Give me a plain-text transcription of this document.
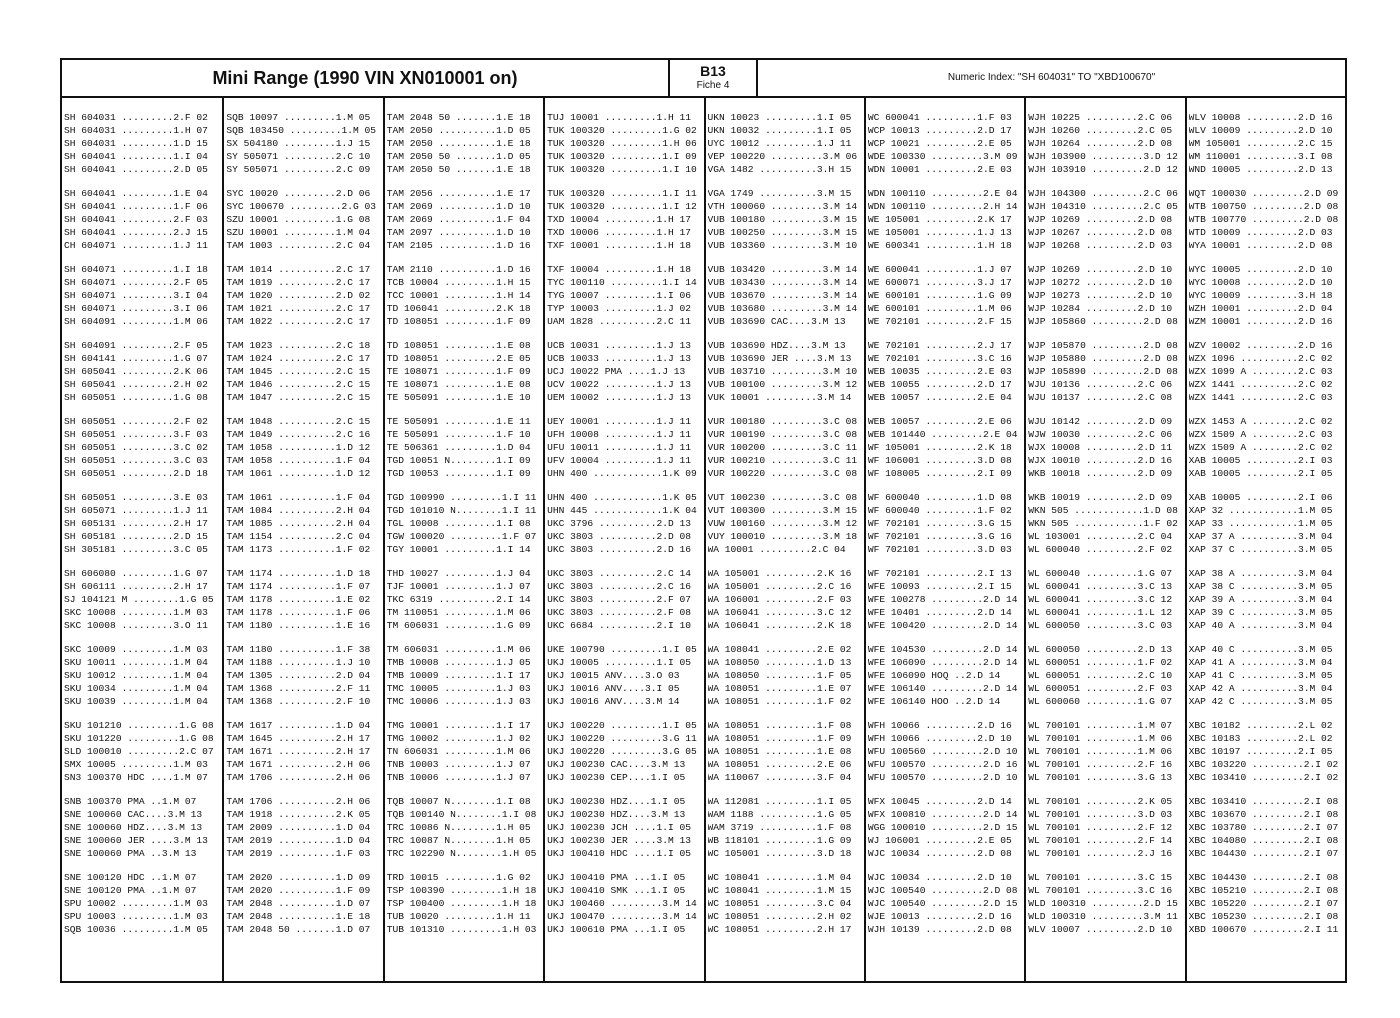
Mini Range (1990 VIN XN010001 on)	B13
Fiche 4
Numeric Index: "SH 604031" TO "XBD100670"
SH 604031 .........2.F 02
SH 604031 .........1.H 07
SH 604031 .........1.D 15
SH 604041 .........1.I 04
SH 604041 .........2.D 05
SH 604041 .........1.E 04
SH 604041 .........1.F 06
SH 604041 .........2.F 03
SH 604041 .........2.J 15
CH 604071 .........1.J 11
SH 604071 .........1.I 18
SH 604071 .........2.F 05
SH 604071 .........3.I 04
SH 604071 .........3.I 06
SH 604091 .........1.M 06
SH 604091 .........2.F 05
SH 604141 .........1.G 07
SH 605041 .........2.K 06
SH 605041 .........2.H 02
SH 605051 .........1.G 08
SH 605051 .........2.F 02
SH 605051 .........3.F 03
SH 605051 .........3.C 02
SH 605051 .........3.C 03
SH 605051 .........2.D 18
SH 605051 .........3.E 03
SH 605071 .........1.J 11
SH 605131 .........2.H 17
SH 605181 .........2.D 15
SH 305181 .........3.C 05
SH 606080 .........1.G 07
SH 606111 .........2.H 17
SJ 104121 M ........1.G 05
SKC 10008 .........1.M 03
SKC 10008 .........3.O 11
SKC 10009 .........1.M 03
SKU 10011 .........1.M 04
SKU 10012 .........1.M 04
SKU 10034 .........1.M 04
SKU 10039 .........1.M 04
SKU 101210 .........1.G 08
SKU 101220 .........1.G 08
SLD 100010 .........2.C 07
SMX 10005 .........1.M 03
SN3 100370 HDC ....1.M 07
SNB 100370 PMA ..1.M 07
SNE 100060 CAC....3.M 13
SNE 100060 HDZ....3.M 13
SNE 100060 JER ....3.M 13
SNE 100060 PMA ..3.M 13
SNE 100120 HDC ..1.M 07
SNE 100120 PMA ..1.M 07
SPU 10002 .........1.M 03
SPU 10003 .........1.M 03
SQB 10036 .........1.M 05
SQB 10097 .........1.M 05
SQB 103450 .........1.M 05
SX 504180 .........1.J 15
SY 505071 .........2.C 10
SY 505071 .........2.C 09
SYC 10020 .........2.D 06
SYC 100670 .........2.G 03
SZU 10001 .........1.G 08
SZU 10001 .........1.M 04
TAM 1003 ..........2.C 04
TAM 1014 ..........2.C 17
TAM 1019 ..........2.C 17
TAM 1020 ..........2.D 02
TAM 1021 ..........2.C 17
TAM 1022 ..........2.C 17
TAM 1023 ..........2.C 18
TAM 1024 ..........2.C 17
TAM 1045 ..........2.C 15
TAM 1046 ..........2.C 15
TAM 1047 ..........2.C 15
TAM 1048 ..........2.C 15
TAM 1049 ..........2.C 16
TAM 1058 ..........1.D 12
TAM 1058 ..........1.F 04
TAM 1061 ..........1.D 12
TAM 1061 ..........1.F 04
TAM 1084 ..........2.H 04
TAM 1085 ..........2.H 04
TAM 1154 ..........2.C 04
TAM 1173 ..........1.F 02
TAM 1174 ..........1.D 18
TAM 1174 ..........1.F 07
TAM 1178 ..........1.E 02
TAM 1178 ..........1.F 06
TAM 1180 ..........1.E 16
TAM 1180 ..........1.F 38
TAM 1188 ..........1.J 10
TAM 1305 ..........2.D 04
TAM 1368 ..........2.F 11
TAM 1368 ..........2.F 10
TAM 1617 ..........1.D 04
TAM 1645 ..........2.H 17
TAM 1671 ..........2.H 17
TAM 1671 ..........2.H 06
TAM 1706 ..........2.H 06
TAM 1706 ..........2.H 06
TAM 1918 ..........2.K 05
TAM 2009 ..........1.D 04
TAM 2019 ..........1.D 04
TAM 2019 ..........1.F 03
TAM 2020 ..........1.D 09
TAM 2020 ..........1.F 09
TAM 2048 ..........1.D 07
TAM 2048 ..........1.E 18
TAM 2048 50 .......1.D 07
TAM 2048 50 .......1.E 18
TAM 2050 ..........1.D 05
TAM 2050 ..........1.E 18
TAM 2050 50 .......1.D 05
TAM 2050 50 .......1.E 18
TAM 2056 ..........1.E 17
TAM 2069 ..........1.D 10
TAM 2069 ..........1.F 04
TAM 2097 ..........1.D 10
TAM 2105 ..........1.D 16
TAM 2110 ..........1.D 16
TCB 10004 .........1.H 15
TCC 10001 .........1.H 14
TD 106041 .........2.K 18
TD 108051 .........1.F 09
TD 108051 .........1.E 08
TD 108051 .........2.E 05
TE 108071 .........1.F 09
TE 108071 .........1.E 08
TE 505091 .........1.E 10
TE 505091 .........1.E 11
TE 505091 .........1.F 10
TE 506361 .........1.D 04
TGD 10051 N........1.I 09
TGD 10053 .........1.I 09
TGD 100990 .........1.I 11
TGD 101010 N........1.I 11
TGL 10008 .........1.I 08
TGW 100020 .........1.F 07
TGY 10001 .........1.I 14
THD 10027 .........1.J 04
TJF 10001 .........1.J 07
TKC 6319 ..........2.I 14
TM 110051 .........1.M 06
TM 606031 .........1.G 09
TM 606031 .........1.M 06
TMB 10008 .........1.J 05
TMB 10009 .........1.I 17
TMC 10005 .........1.J 03
TMC 10006 .........1.J 03
TMG 10001 .........1.I 17
TMG 10002 .........1.J 02
TN 606031 .........1.M 06
TNB 10003 .........1.J 07
TNB 10006 .........1.J 07
TQB 10007 N........1.I 08
TQB 100140 N........1.I 08
TRC 10086 N........1.H 05
TRC 10087 N........1.H 05
TRC 102290 N........1.H 05
TRD 10015 .........1.G 02
TSP 100390 .........1.H 18
TSP 100400 .........1.H 18
TUB 10020 .........1.H 11
TUB 101310 .........1.H 03
TUJ 10001 .........1.H 11
TUK 100320 .........1.G 02
TUK 100320 .........1.H 06
TUK 100320 .........1.I 09
TUK 100320 .........1.I 10
TUK 100320 .........1.I 11
TUK 100320 .........1.I 12
TXD 10004 .........1.H 17
TXD 10006 .........1.H 17
TXF 10001 .........1.H 18
TXF 10004 .........1.H 18
TYC 100110 .........1.I 14
TYG 10007 .........1.I 06
TYP 10003 .........1.J 02
UAM 1828 ..........2.C 11
UCB 10031 .........1.J 13
UCB 10033 .........1.J 13
UCJ 10022 PMA ....1.J 13
UCV 10022 .........1.J 13
UEM 10002 .........1.J 13
UEY 10001 .........1.J 11
UFH 10008 .........1.J 11
UFU 10011 .........1.J 11
UFV 10004 .........1.J 11
UHN 400 ............1.K 09
UHN 400 ............1.K 05
UHN 445 ............1.K 04
UKC 3796 ..........2.D 13
UKC 3803 ..........2.D 08
UKC 3803 ..........2.D 16
UKC 3803 ..........2.C 14
UKC 3803 ..........2.C 16
UKC 3803 ..........2.F 07
UKC 3803 ..........2.F 08
UKC 6684 ..........2.I 10
UKE 100790 .........1.I 05
UKJ 10005 .........1.I 05
UKJ 10015 ANV....3.O 03
UKJ 10016 ANV....3.I 05
UKJ 10016 ANV....3.M 14
UKJ 100220 .........1.I 05
UKJ 100220 .........3.G 11
UKJ 100220 .........3.G 05
UKJ 100230 CAC....3.M 13
UKJ 100230 CEP....1.I 05
UKJ 100230 HDZ....1.I 05
UKJ 100230 HDZ....3.M 13
UKJ 100230 JCH ....1.I 05
UKJ 100230 JER ....3.M 13
UKJ 100410 HDC ....1.I 05
UKJ 100410 PMA ...1.I 05
UKJ 100410 SMK ...1.I 05
UKJ 100460 .........3.M 14
UKJ 100470 .........3.M 14
UKJ 100610 PMA ...1.I 05
UKN 10023 .........1.I 05
UKN 10032 .........1.I 05
UYC 10012 .........1.J 11
VEP 100220 .........3.M 06
VGA 1482 ..........3.H 15
VGA 1749 ..........3.M 15
VTH 100060 .........3.M 14
VUB 100180 .........3.M 15
VUB 100250 .........3.M 15
VUB 103360 .........3.M 10
VUB 103420 .........3.M 14
VUB 103430 .........3.M 14
VUB 103670 .........3.M 14
VUB 103680 .........3.M 14
VUB 103690 CAC....3.M 13
VUB 103690 HDZ....3.M 13
VUB 103690 JER ....3.M 13
VUB 103710 .........3.M 10
VUB 100100 .........3.M 12
VUK 10001 .........3.M 14
VUR 100180 .........3.C 08
VUR 100190 .........3.C 08
VUR 100200 .........3.C 11
VUR 100210 .........3.C 11
VUR 100220 .........3.C 08
VUT 100230 .........3.C 08
VUT 100300 .........3.M 15
VUW 100160 .........3.M 12
VUY 100010 .........3.M 18
WA 10001 .........2.C 04
WA 105001 .........2.K 16
WA 105001 .........2.C 16
WA 106001 .........2.F 03
WA 106041 .........3.C 12
WA 106041 .........2.K 18
WA 108041 .........2.E 02
WA 108050 .........1.D 13
WA 108050 .........1.F 05
WA 108051 .........1.E 07
WA 108051 .........1.F 02
WA 108051 .........1.F 08
WA 108051 .........1.F 09
WA 108051 .........1.E 08
WA 108051 .........2.E 06
WA 110067 .........3.F 04
WA 112081 .........1.I 05
WAM 1188 ..........1.G 05
WAM 3719 ..........1.F 08
WB 118101 .........1.G 09
WC 105001 .........3.D 18
WC 108041 .........1.M 04
WC 108041 .........1.M 15
WC 108051 .........3.C 04
WC 108051 .........2.H 02
WC 108051 .........2.H 17
WC 600041 .........1.F 03
WCP 10013 .........2.D 17
WCP 10021 .........2.E 05
WDE 100330 .........3.M 09
WDN 10001 .........2.E 03
WDN 100110 .........2.E 04
WDN 100110 .........2.H 14
WE 105001 .........2.K 17
WE 105001 .........1.J 13
WE 600341 .........1.H 18
WE 600041 .........1.J 07
WE 600071 .........3.J 17
WE 600101 .........1.G 09
WE 600101 .........1.M 06
WE 702101 .........2.F 15
WE 702101 .........2.J 17
WE 702101 .........3.C 16
WEB 10035 .........2.E 03
WEB 10055 .........2.D 17
WEB 10057 .........2.E 04
WEB 10057 .........2.E 06
WEB 101440 .........2.E 04
WF 105001 .........2.K 18
WF 106001 .........3.D 08
WF 108005 .........2.I 09
WF 600040 .........1.D 08
WF 600040 .........1.F 02
WF 702101 .........3.G 15
WF 702101 .........3.G 16
WF 702101 .........3.D 03
WF 702101 .........2.I 13
WFE 10093 .........2.I 15
WFE 100278 .........2.D 14
WFE 10401 .........2.D 14
WFE 100420 .........2.D 14
WFE 104530 .........2.D 14
WFE 106090 .........2.D 14
WFE 106090 HOQ ..2.D 14
WFE 106140 .........2.D 14
WFE 106140 HOO ..2.D 14
WFH 10066 .........2.D 16
WFH 10066 .........2.D 10
WFU 100560 .........2.D 10
WFU 100570 .........2.D 16
WFU 100570 .........2.D 10
WFX 10045 .........2.D 14
WFX 100810 .........2.D 14
WGG 100010 .........2.D 15
WJ 106001 .........2.E 05
WJC 10034 .........2.D 08
WJC 10034 .........2.D 10
WJC 100540 .........2.D 08
WJC 100540 .........2.D 15
WJE 10013 .........2.D 16
WJH 10139 .........2.D 08
WJH 10225 .........2.C 06
WJH 10260 .........2.C 05
WJH 10264 .........2.D 08
WJH 103900 .........3.D 12
WJH 103910 .........2.D 12
WJH 104300 .........2.C 06
WJH 104310 .........2.C 05
WJP 10269 .........2.D 08
WJP 10267 .........2.D 08
WJP 10268 .........2.D 03
WJP 10269 .........2.D 10
WJP 10272 .........2.D 10
WJP 10273 .........2.D 10
WJP 10284 .........2.D 10
WJP 105860 .........2.D 08
WJP 105870 .........2.D 08
WJP 105880 .........2.D 08
WJP 105890 .........2.D 08
WJU 10136 .........2.C 06
WJU 10137 .........2.C 08
WJU 10142 .........2.D 09
WJW 10030 .........2.C 06
WJX 10008 .........2.D 11
WJX 10010 .........2.D 16
WKB 10018 .........2.D 09
WKB 10019 .........2.D 09
WKN 505 ............1.D 08
WKN 505 ............1.F 02
WL 103001 .........2.C 04
WL 600040 .........2.F 02
WL 600040 .........1.G 07
WL 600041 .........3.C 13
WL 600041 .........3.C 12
WL 600041 .........1.L 12
WL 600050 .........3.C 03
WL 600050 .........2.D 13
WL 600051 .........1.F 02
WL 600051 .........2.C 10
WL 600051 .........2.F 03
WL 600060 .........1.G 07
WL 700101 .........1.M 07
WL 700101 .........1.M 06
WL 700101 .........1.M 06
WL 700101 .........2.F 16
WL 700101 .........3.G 13
WL 700101 .........2.K 05
WL 700101 .........3.D 03
WL 700101 .........2.F 12
WL 700101 .........2.F 14
WL 700101 .........2.J 16
WL 700101 .........3.C 15
WL 700101 .........3.C 16
WLD 100310 .........2.D 15
WLD 100310 .........3.M 11
WLV 10007 .........2.D 10
WLV 10008 .........2.D 16
WLV 10009 .........2.D 10
WM 105001 .........2.C 15
WM 110001 .........3.I 08
WND 10005 .........2.D 13
WQT 100030 .........2.D 09
WTB 100750 .........2.D 08
WTB 100770 .........2.D 08
WTD 10009 .........2.D 03
WYA 10001 .........2.D 08
WYC 10005 .........2.D 10
WYC 10008 .........2.D 10
WYC 10009 .........3.H 18
WZH 10001 .........2.D 04
WZM 10001 .........2.D 16
WZV 10002 .........2.D 16
WZX 1096 ..........2.C 02
WZX 1099 A ........2.C 03
WZX 1441 ..........2.C 02
WZX 1441 ..........2.C 03
WZX 1453 A ........2.C 02
WZX 1509 A ........2.C 03
WZX 1509 A ........2.C 02
XAB 10005 .........2.I 03
XAB 10005 .........2.I 05
XAB 10005 .........2.I 06
XAP 32 ............1.M 05
XAP 33 ............1.M 05
XAP 37 A ..........3.M 04
XAP 37 C ..........3.M 05
XAP 38 A ..........3.M 04
XAP 38 C ..........3.M 05
XAP 39 A ..........3.M 04
XAP 39 C ..........3.M 05
XAP 40 A ..........3.M 04
XAP 40 C ..........3.M 05
XAP 41 A ..........3.M 04
XAP 41 C ..........3.M 05
XAP 42 A ..........3.M 04
XAP 42 C ..........3.M 05
XBC 10182 .........2.L 02
XBC 10183 .........2.L 02
XBC 10197 .........2.I 05
XBC 103220 .........2.I 02
XBC 103410 .........2.I 02
XBC 103410 .........2.I 08
XBC 103670 .........2.I 08
XBC 103780 .........2.I 07
XBC 104080 .........2.I 08
XBC 104430 .........2.I 07
XBC 104430 .........2.I 08
XBC 105210 .........2.I 08
XBC 105220 .........2.I 07
XBC 105230 .........2.I 08
XBD 100670 .........2.I 11
